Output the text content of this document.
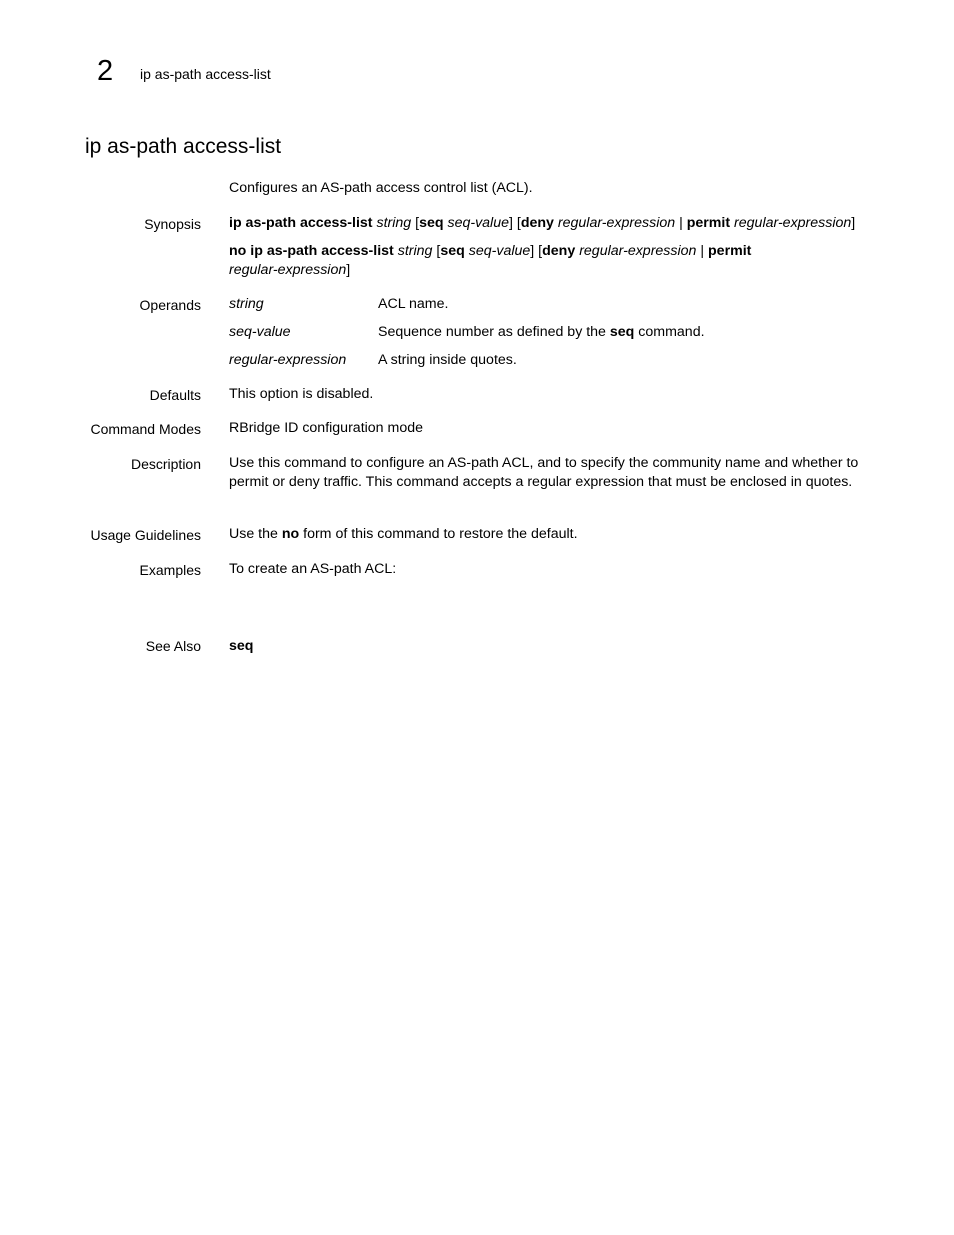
2 ip as-path access-list
ip as-path access-list
Configures an AS-path access control list (ACL).
Synopsis ip as-path access-list string [seq seq-value] [deny regular-expression | permit regular-expression]
no ip as-path access-list string [seq seq-value] [deny regular-expression | permit regular-expression]
Operands string	ACL name.
seq-value	Sequence number as defined by the seq command.
regular-expression A string inside quotes.
Defaults This option is disabled.
Command Modes RBridge ID configuration mode
Description Use this command to configure an AS-path ACL, and to specify the community name and whether to permit or deny traffic. This command accepts a regular expression that must be enclosed in quotes.
Usage Guidelines Use the no form of this command to restore the default.
Examples To create an AS-path ACL:
See Also seq
